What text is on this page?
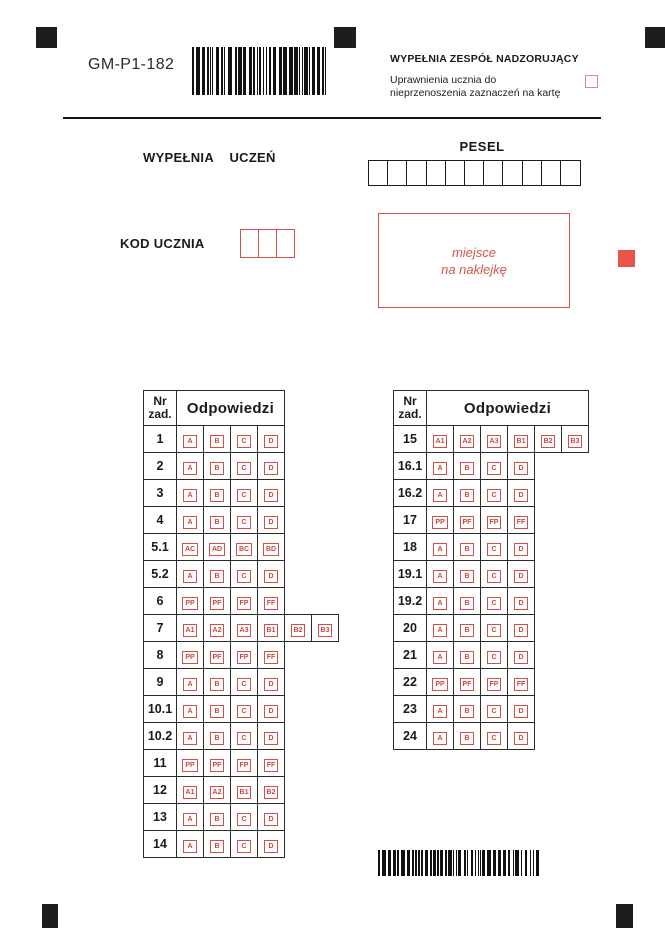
GM-P1-182	WYPEŁNIA ZESPÓŁ NADZORUJĄCY
Uprawnienia ucznia do
nieprzenoszenia zaznaczeń na kartę
WYPEŁNIA UCZEŃ
PESEL
KOD UCZNIA
miejsce
na naklejkę
Nr
zad.	Odpowiedzi					
1	A	B	C	D		
2	A	B	C	D		
3	A	B	C	D		
4	A	B	C	D		
5.1	AC	AD	BC	BD		
5.2	A	B	C	D		
6	PP	PF	FP	FF		
7	A1	A2	A3	B1	B2	B3
8	PP	PF	FP	FF		
9	A	B	C	D		
10.1	A	B	C	D		
10.2	A	B	C	D		
11	PP	PF	FP	FF		
12	A1	A2	B1	B2		
13	A	B	C	D		
14	A	B	C	D		
Nr
zad.	Odpowiedzi					
15	A1	A2	A3	B1	B2	B3
16.1	A	B	C	D		
16.2	A	B	C	D		
17	PP	PF	FP	FF		
18	A	B	C	D		
19.1	A	B	C	D		
19.2	A	B	C	D		
20	A	B	C	D		
21	A	B	C	D		
22	PP	PF	FP	FF		
23	A	B	C	D		
24	A	B	C	D		
